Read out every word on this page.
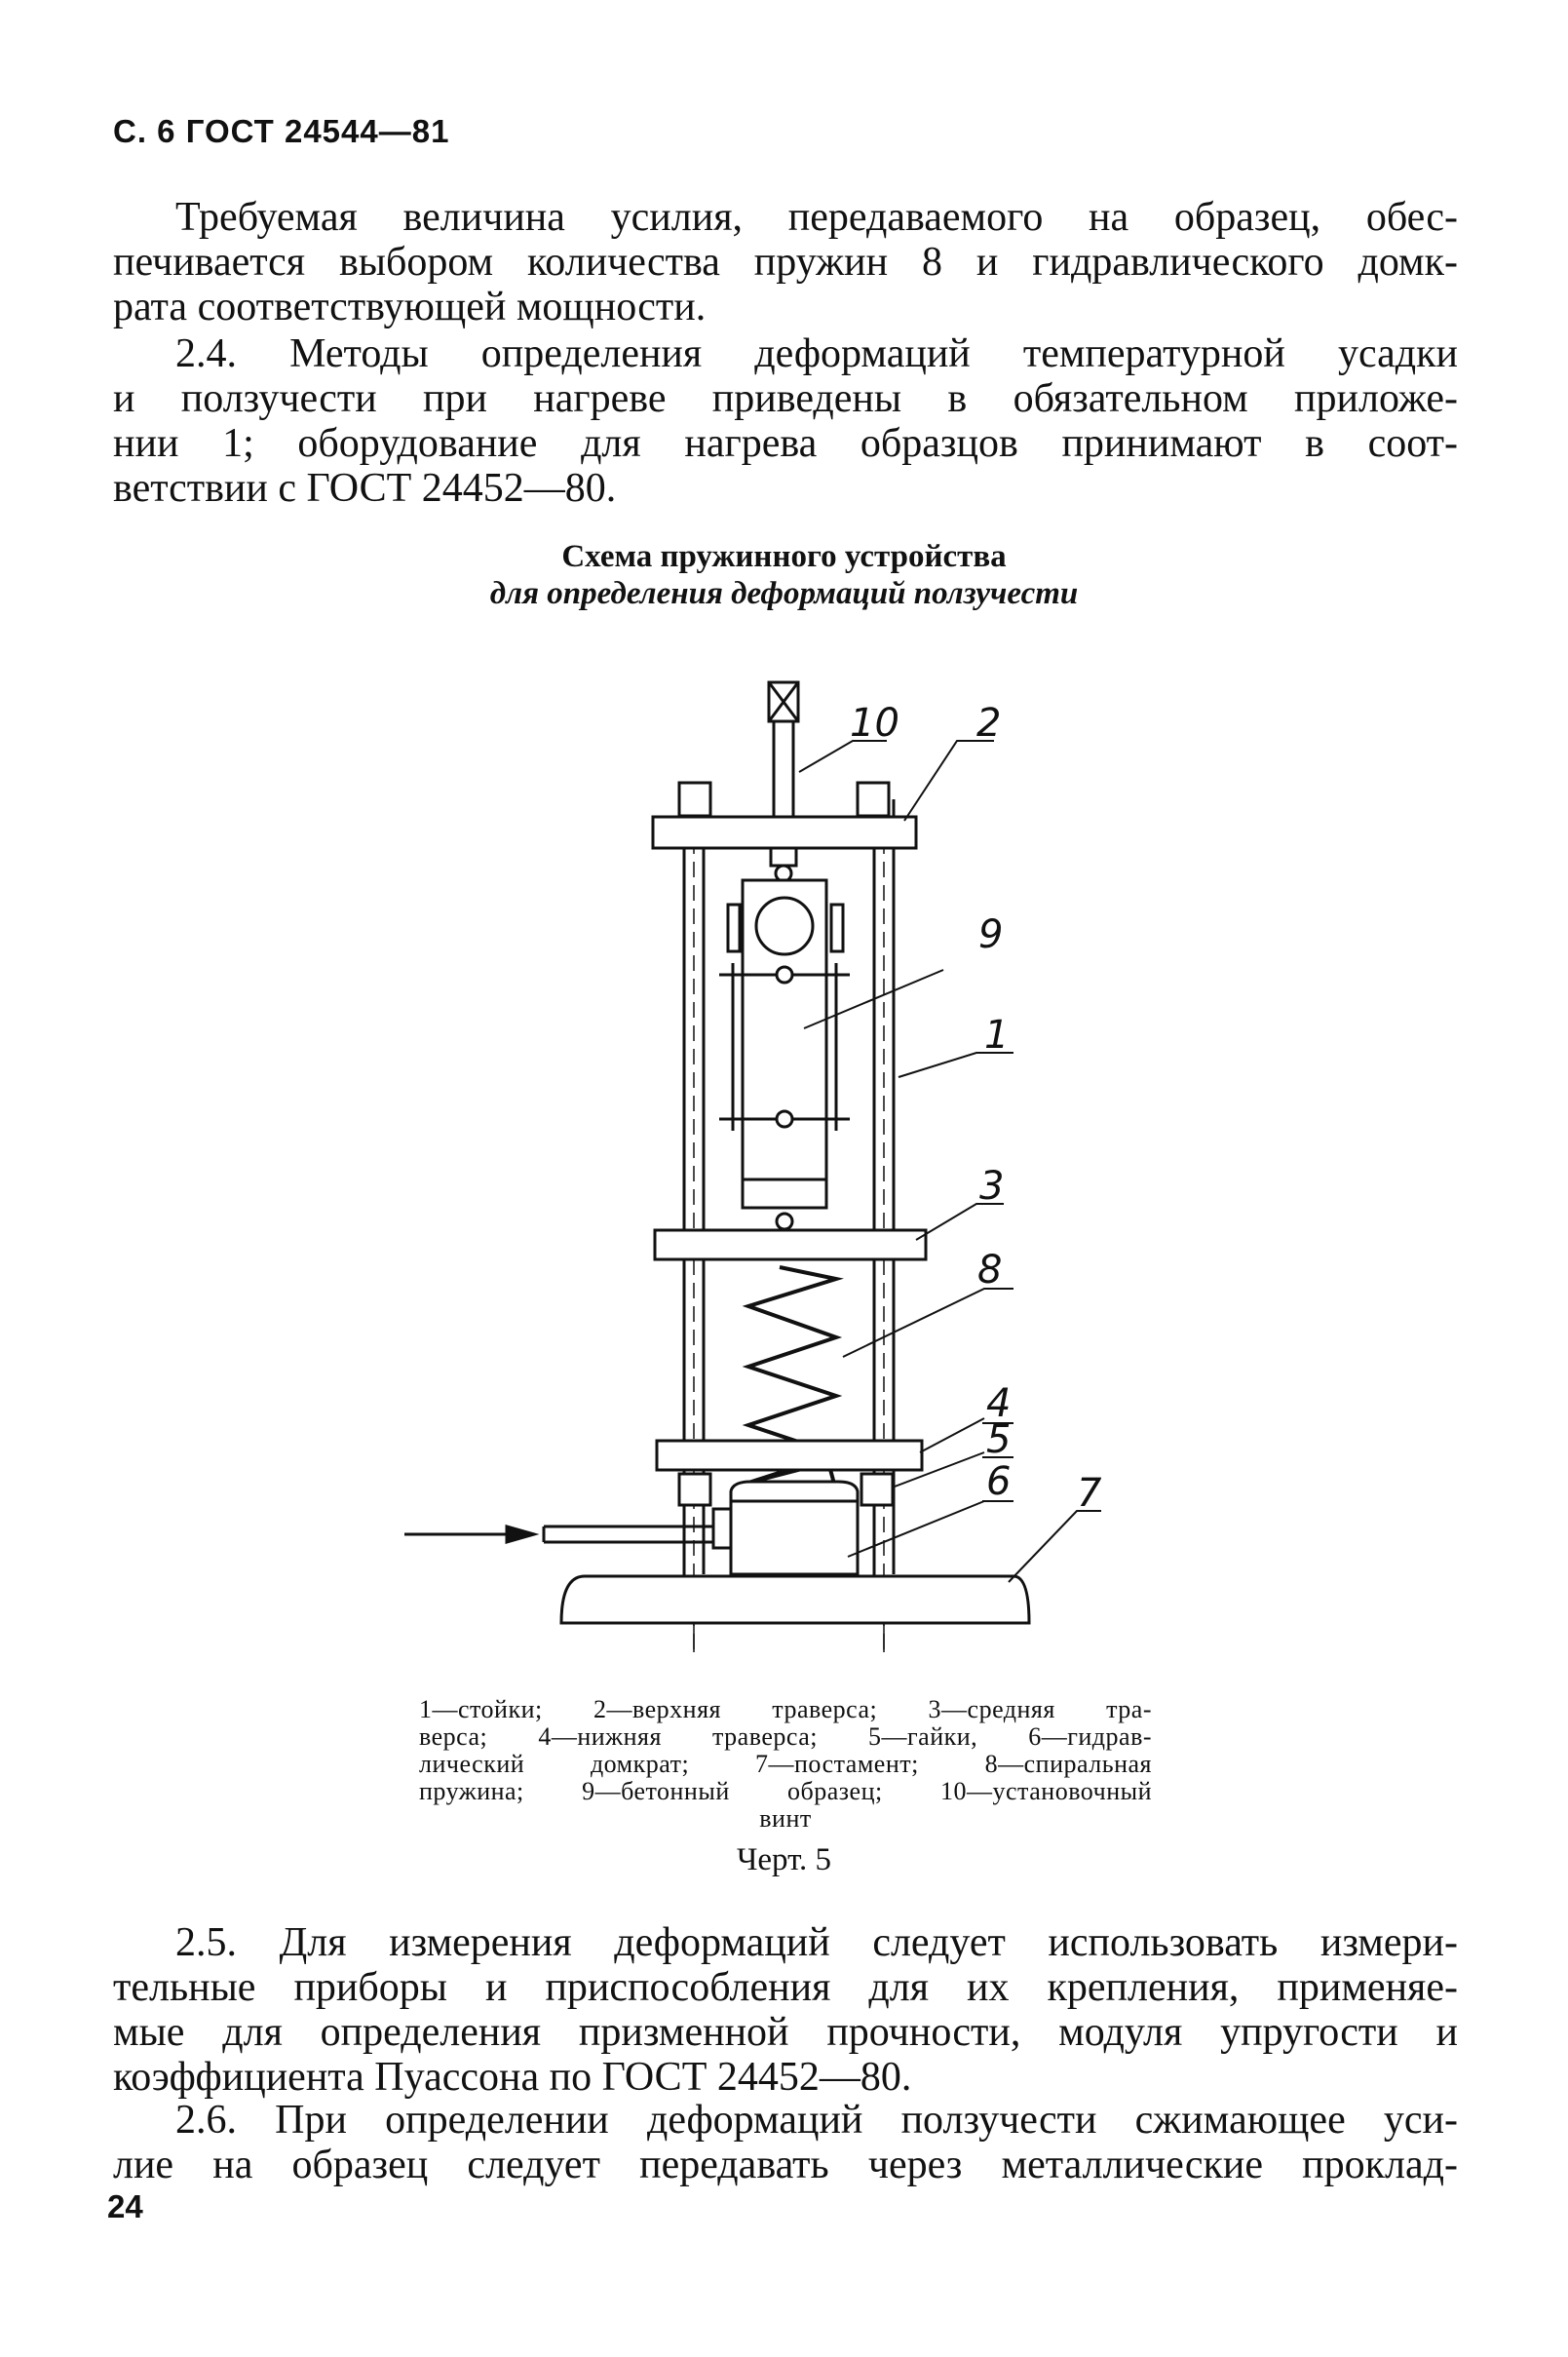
С. 6 ГОСТ 24544—81
Требуемая величина усилия, передаваемого на образец, обес-
печивается выбором количества пружин 8 и гидравлического домк-
рата соответствующей мощности.
2.4. Методы определения деформаций температурной усадки
и ползучести при нагреве приведены в обязательном приложе-
нии 1; оборудование для нагрева образцов принимают в соот-
ветствии с ГОСТ 24452—80.
Схема пружинного устройства
для определения деформаций ползучести
10 2
9
1
3
8
4
5
6 7
1—стойки; 2—верхняя траверса; 3—средняя тра-
верса; 4—нижняя траверса; 5—гайки, 6—гидрав-
лический домкрат; 7—постамент; 8—спиральная
пружина; 9—бетонный образец; 10—установочный
винт
Черт. 5
2.5. Для измерения деформаций следует использовать измери-
тельные приборы и приспособления для их крепления, применяе-
мые для определения призменной прочности, модуля упругости и
коэффициента Пуассона по ГОСТ 24452—80.
2.6. При определении деформаций ползучести сжимающее уси-
лие на образец следует передавать через металлические проклад-
24
